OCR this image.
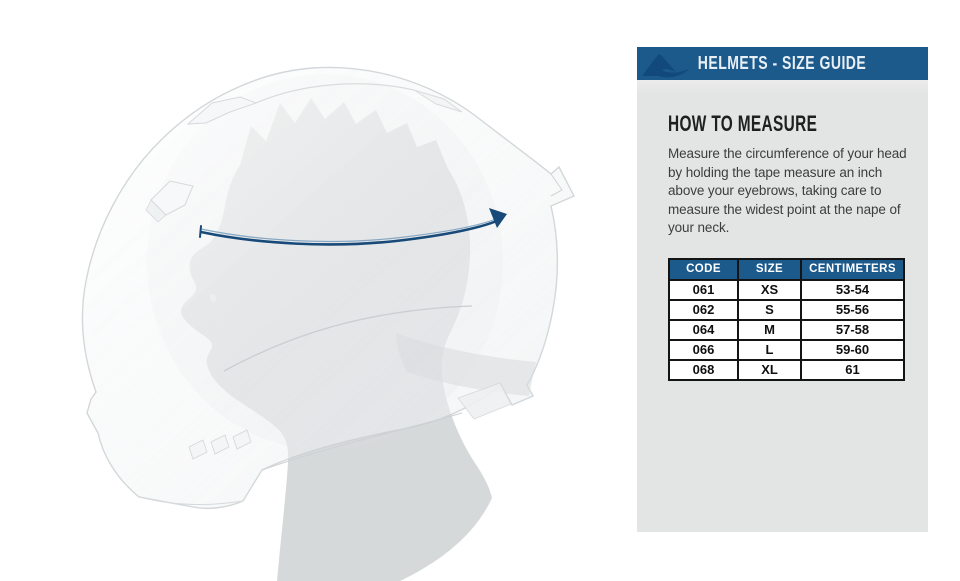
HELMETS - SIZE GUIDE
HOW TO MEASURE

Measure the circumference of your head by holding the tape measure an inch above your eyebrows, taking care to measure the widest point at the nape of your neck.

CODE	SIZE	CENTIMETERS
061	XS	53-54
062	S	55-56
064	M	57-58
066	L	59-60
068	XL	61
